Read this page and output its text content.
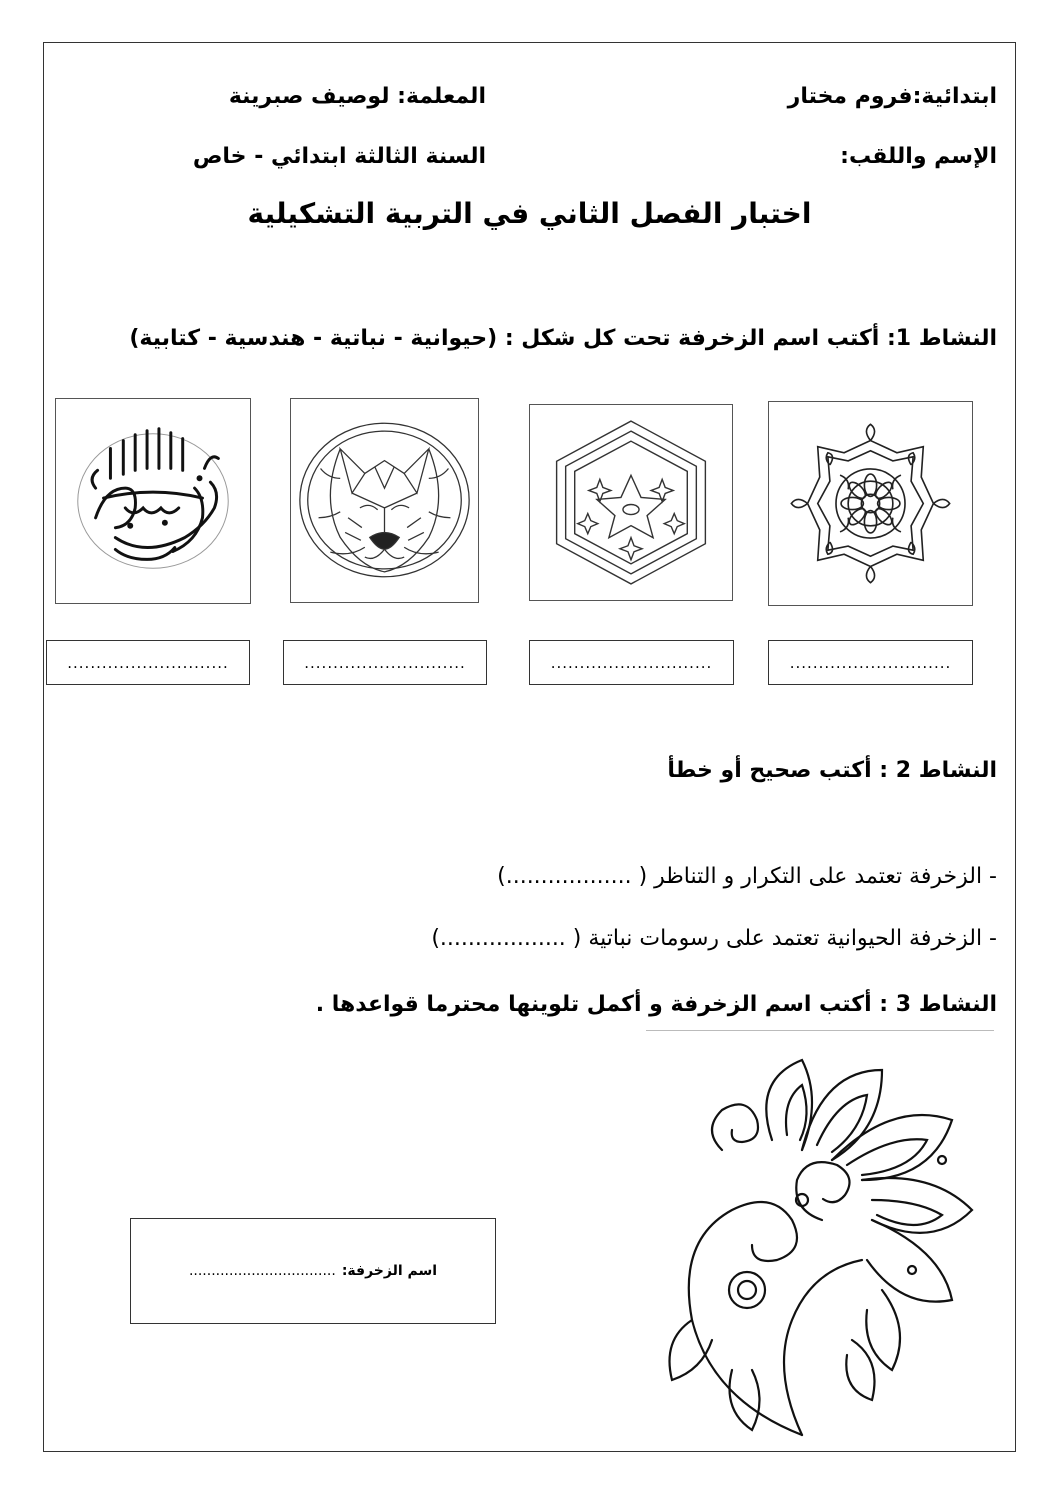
ابتدائية:فروم مختار
المعلمة: لوصيف صبرينة
الإسم واللقب:
السنة الثالثة ابتدائي - خاص
اختبار الفصل الثاني في التربية التشكيلية
النشاط 1: أكتب اسم الزخرفة تحت كل شكل : (حيوانية - نباتية - هندسية - كتابية)
............................
............................
............................
............................
النشاط 2 : أكتب صحيح أو خطأ
- الزخرفة تعتمد على التكرار و التناظر ( ..................)
- الزخرفة الحيوانية تعتمد على رسومات نباتية ( ..................)
النشاط 3 : أكتب اسم الزخرفة و أكمل تلوينها محترما قواعدها .
اسم الزخرفة:
.................................
